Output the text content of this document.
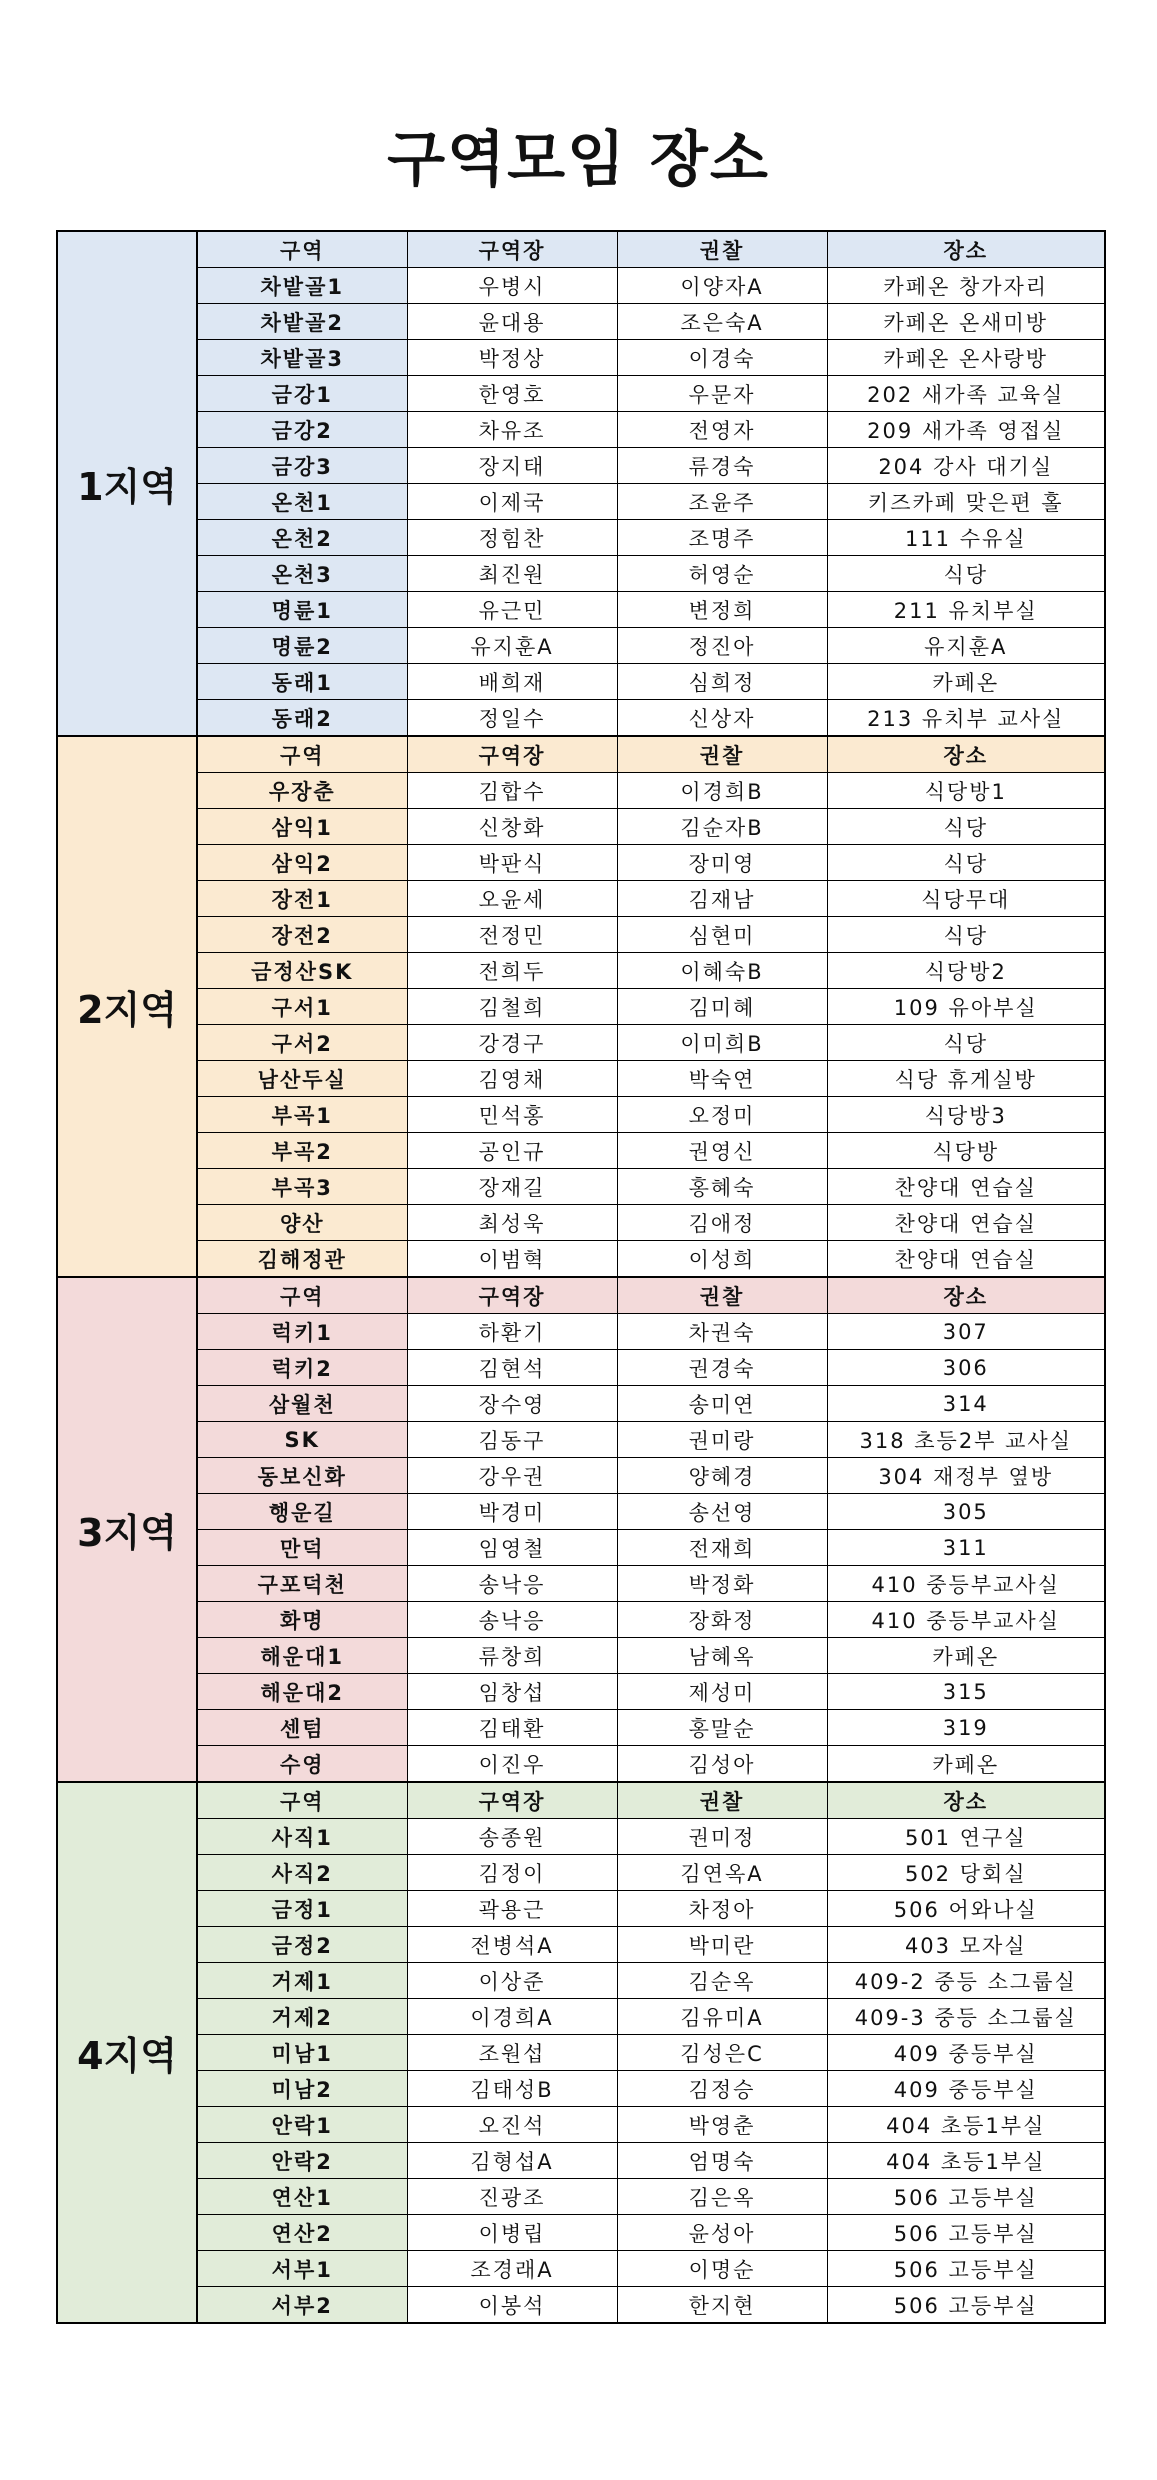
구역모임 장소
1지역	구역	구역장	권찰	장소
	차밭골1	우병시	이양자A	카페온 창가자리
	차밭골2	윤대용	조은숙A	카페온 온새미방
	차밭골3	박정상	이경숙	카페온 온사랑방
	금강1	한영호	우문자	202 새가족 교육실
	금강2	차유조	전영자	209 새가족 영접실
	금강3	장지태	류경숙	204 강사 대기실
	온천1	이제국	조윤주	키즈카페 맞은편 홀
	온천2	정힘찬	조명주	111 수유실
	온천3	최진원	허영순	식당
	명륜1	유근민	변정희	211 유치부실
	명륜2	유지훈A	정진아	유지훈A
	동래1	배희재	심희정	카페온
	동래2	정일수	신상자	213 유치부 교사실
2지역	구역	구역장	권찰	장소
	우장춘	김합수	이경희B	식당방1
	삼익1	신창화	김순자B	식당
	삼익2	박판식	장미영	식당
	장전1	오윤세	김재남	식당무대
	장전2	전정민	심현미	식당
	금정산SK	전희두	이혜숙B	식당방2
	구서1	김철희	김미혜	109 유아부실
	구서2	강경구	이미희B	식당
	남산두실	김영채	박숙연	식당 휴게실방
	부곡1	민석홍	오정미	식당방3
	부곡2	공인규	권영신	식당방
	부곡3	장재길	홍혜숙	찬양대 연습실
	양산	최성욱	김애정	찬양대 연습실
	김해정관	이범혁	이성희	찬양대 연습실
3지역	구역	구역장	권찰	장소
	럭키1	하환기	차권숙	307
	럭키2	김현석	권경숙	306
	삼월천	장수영	송미연	314
	SK	김동구	권미랑	318 초등2부 교사실
	동보신화	강우권	양혜경	304 재정부 옆방
	행운길	박경미	송선영	305
	만덕	임영철	전재희	311
	구포덕천	송낙응	박정화	410 중등부교사실
	화명	송낙응	장화정	410 중등부교사실
	해운대1	류창희	남혜옥	카페온
	해운대2	임창섭	제성미	315
	센텀	김태환	홍말순	319
	수영	이진우	김성아	카페온
4지역	구역	구역장	권찰	장소
	사직1	송종원	권미정	501 연구실
	사직2	김정이	김연옥A	502 당회실
	금정1	곽용근	차정아	506 어와나실
	금정2	전병석A	박미란	403 모자실
	거제1	이상준	김순옥	409-2 중등 소그룹실
	거제2	이경희A	김유미A	409-3 중등 소그룹실
	미남1	조원섭	김성은C	409 중등부실
	미남2	김태성B	김정승	409 중등부실
	안락1	오진석	박영춘	404 초등1부실
	안락2	김형섭A	엄명숙	404 초등1부실
	연산1	진광조	김은옥	506 고등부실
	연산2	이병립	윤성아	506 고등부실
	서부1	조경래A	이명순	506 고등부실
	서부2	이봉석	한지현	506 고등부실
